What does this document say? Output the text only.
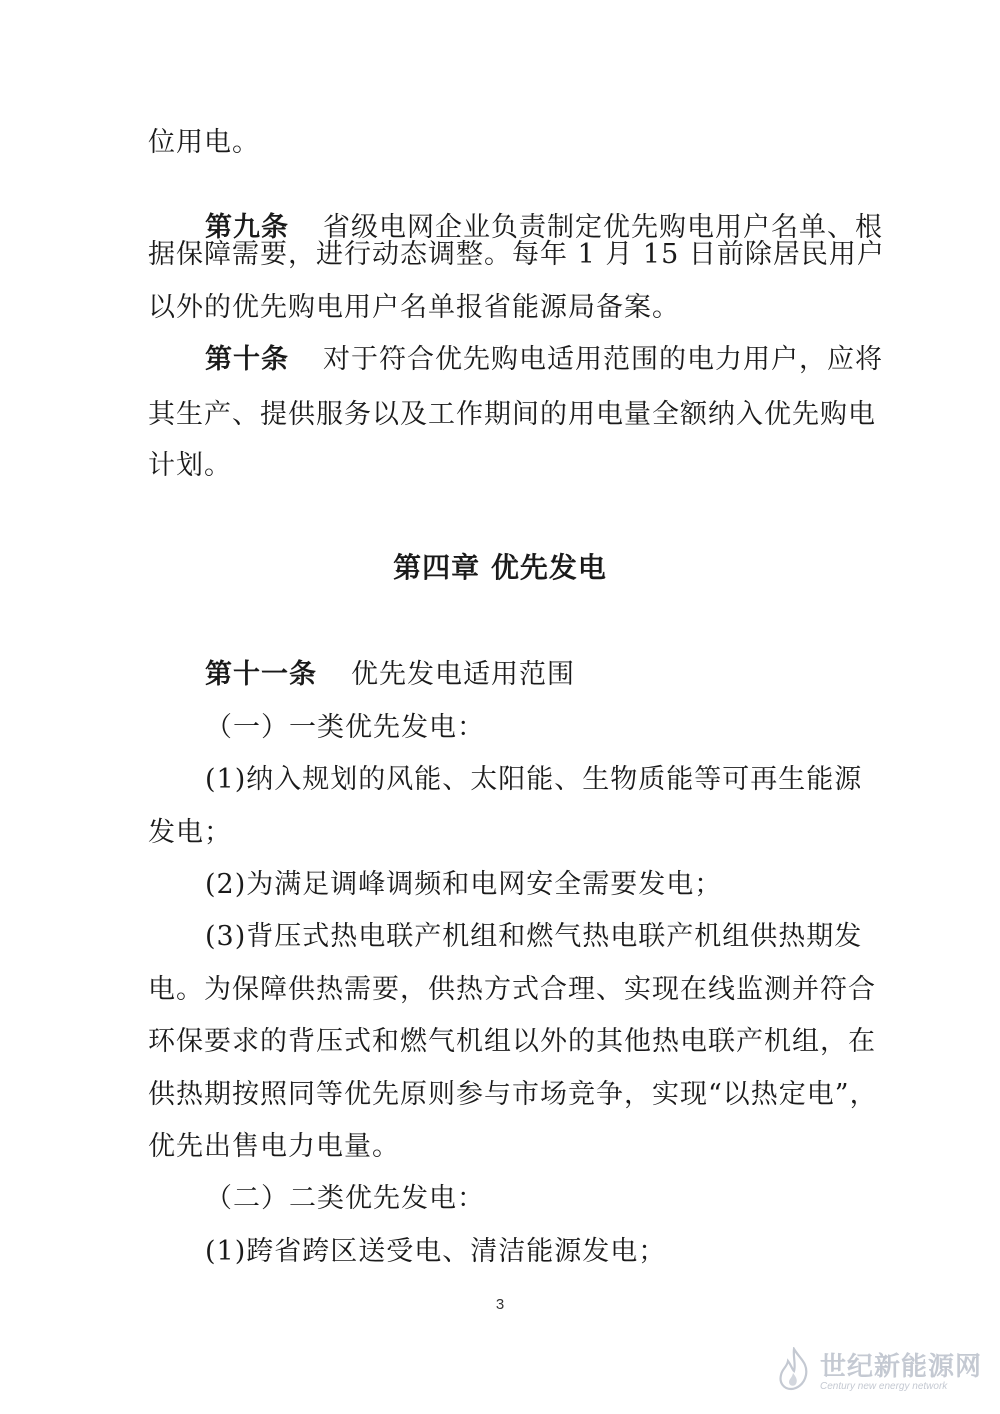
位用电。
第九条 省级电网企业负责制定优先购电用户名单、根
据保障需要，进行动态调整。每年 1 月 15 日前除居民用户
以外的优先购电用户名单报省能源局备案。
第十条 对于符合优先购电适用范围的电力用户，应将
其生产、提供服务以及工作期间的用电量全额纳入优先购电
计划。
第四章 优先发电
第十一条 优先发电适用范围
（一）一类优先发电：
(1)纳入规划的风能、太阳能、生物质能等可再生能源
发电；
(2)为满足调峰调频和电网安全需要发电；
(3)背压式热电联产机组和燃气热电联产机组供热期发
电。为保障供热需要，供热方式合理、实现在线监测并符合
环保要求的背压式和燃气机组以外的其他热电联产机组，在
供热期按照同等优先原则参与市场竞争，实现“以热定电”，
优先出售电力电量。
（二）二类优先发电：
(1)跨省跨区送受电、清洁能源发电；
3
世纪新能源网
Century new energy network
